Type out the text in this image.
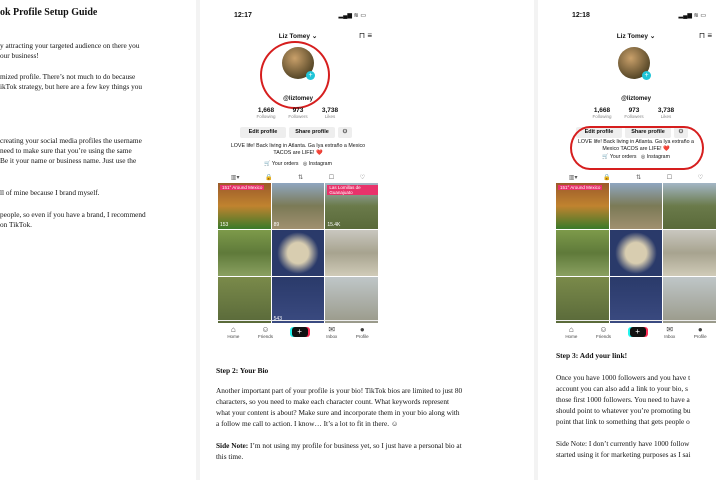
ok Profile Setup Guide
y attracting your targeted audience on there you
our business!
mized profile. There’s not much to do because
ikTok strategy, but here are a few key things you
creating your social media profiles the username
need to make sure that you’re using the same
Be it your name or business name. Just use the
ll of mine because I brand myself.
people, so even if you have a brand, I recommend
on TikTok.
12:17	▂▄▆ ≋ ▭
Liz Tomey ⌄	⊓ ≡
+
@liztomey
1,668
Following
973
Followers
3,738
Likes
Edit profile	Share profile	⚇
LOVE life! Back living in Atlanta. Ga Iya extraño a Mexico TACOS are LIFE! ❤️
🛒 Your orders   ◎ Instagram
▥▾	🔒	⇅	☐	♡
151° Around Mexico
153	89
Las Lomillas de Guanajuato
15.4K
543
⌂
Home
☺
Friends
+	✉
Inbox
●
Profile
Step 2: Your Bio
Another important part of your profile is your bio! TikTok bios are limited to just 80
characters, so you need to make each character count. What keywords represent
what your content is about? Make sure and incorporate them in your bio along with
a follow me call to action. I know… It’s a lot to fit in there. ☺
Side Note: I’m not using my profile for business yet, so I just have a personal bio at
this time.
12:18	▂▄▆ ≋ ▭
Liz Tomey ⌄	⊓ ≡
+
@liztomey
1,668
Following
973
Followers
3,738
Likes
Edit profile	Share profile	⚇
LOVE life! Back living in Atlanta. Ga Iya extraño a Mexico TACOS are LIFE! ❤️
🛒 Your orders   ◎ Instagram
▥▾	🔒	⇅	☐	♡
151° Around Mexico
⌂
Home
☺
Friends
+	✉
Inbox
●
Profile
Step 3: Add your link!
Once you have 1000 followers and you have t
account you can also add a link to your bio, s
those first 1000 followers. You need to have a
should point to whatever you’re promoting bu
point that link to something that gets people o
Side Note: I don’t currently have 1000 follow
started using it for marketing purposes as I sai
